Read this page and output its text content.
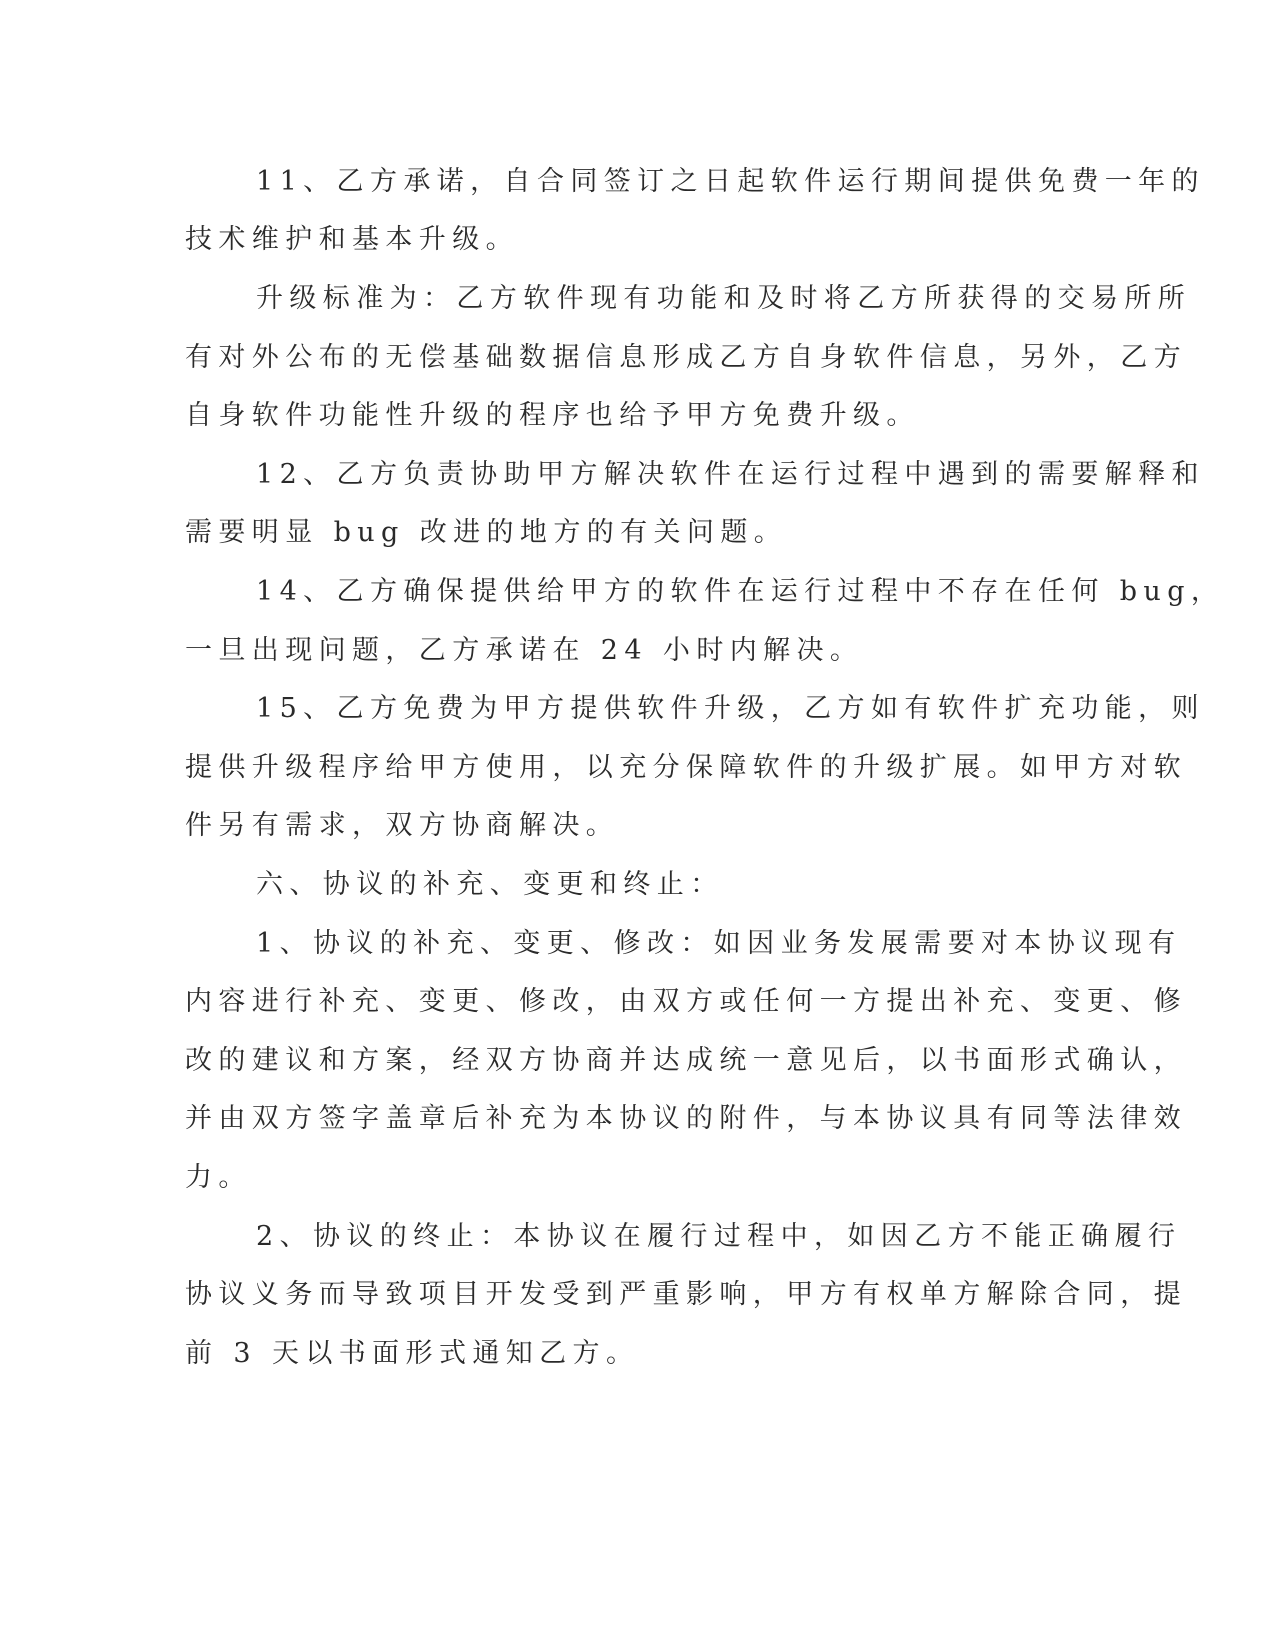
11、乙方承诺，自合同签订之日起软件运行期间提供免费一年的

技术维护和基本升级。

升级标准为：乙方软件现有功能和及时将乙方所获得的交易所所

有对外公布的无偿基础数据信息形成乙方自身软件信息，另外，乙方

自身软件功能性升级的程序也给予甲方免费升级。

12、乙方负责协助甲方解决软件在运行过程中遇到的需要解释和

需要明显 bug 改进的地方的有关问题。

14、乙方确保提供给甲方的软件在运行过程中不存在任何 bug，

一旦出现问题，乙方承诺在 24 小时内解决。

15、乙方免费为甲方提供软件升级，乙方如有软件扩充功能，则

提供升级程序给甲方使用，以充分保障软件的升级扩展。如甲方对软

件另有需求，双方协商解决。

六、协议的补充、变更和终止：

1、协议的补充、变更、修改：如因业务发展需要对本协议现有

内容进行补充、变更、修改，由双方或任何一方提出补充、变更、修

改的建议和方案，经双方协商并达成统一意见后，以书面形式确认，

并由双方签字盖章后补充为本协议的附件，与本协议具有同等法律效

力。

2、协议的终止：本协议在履行过程中，如因乙方不能正确履行

协议义务而导致项目开发受到严重影响，甲方有权单方解除合同，提

前 3 天以书面形式通知乙方。
